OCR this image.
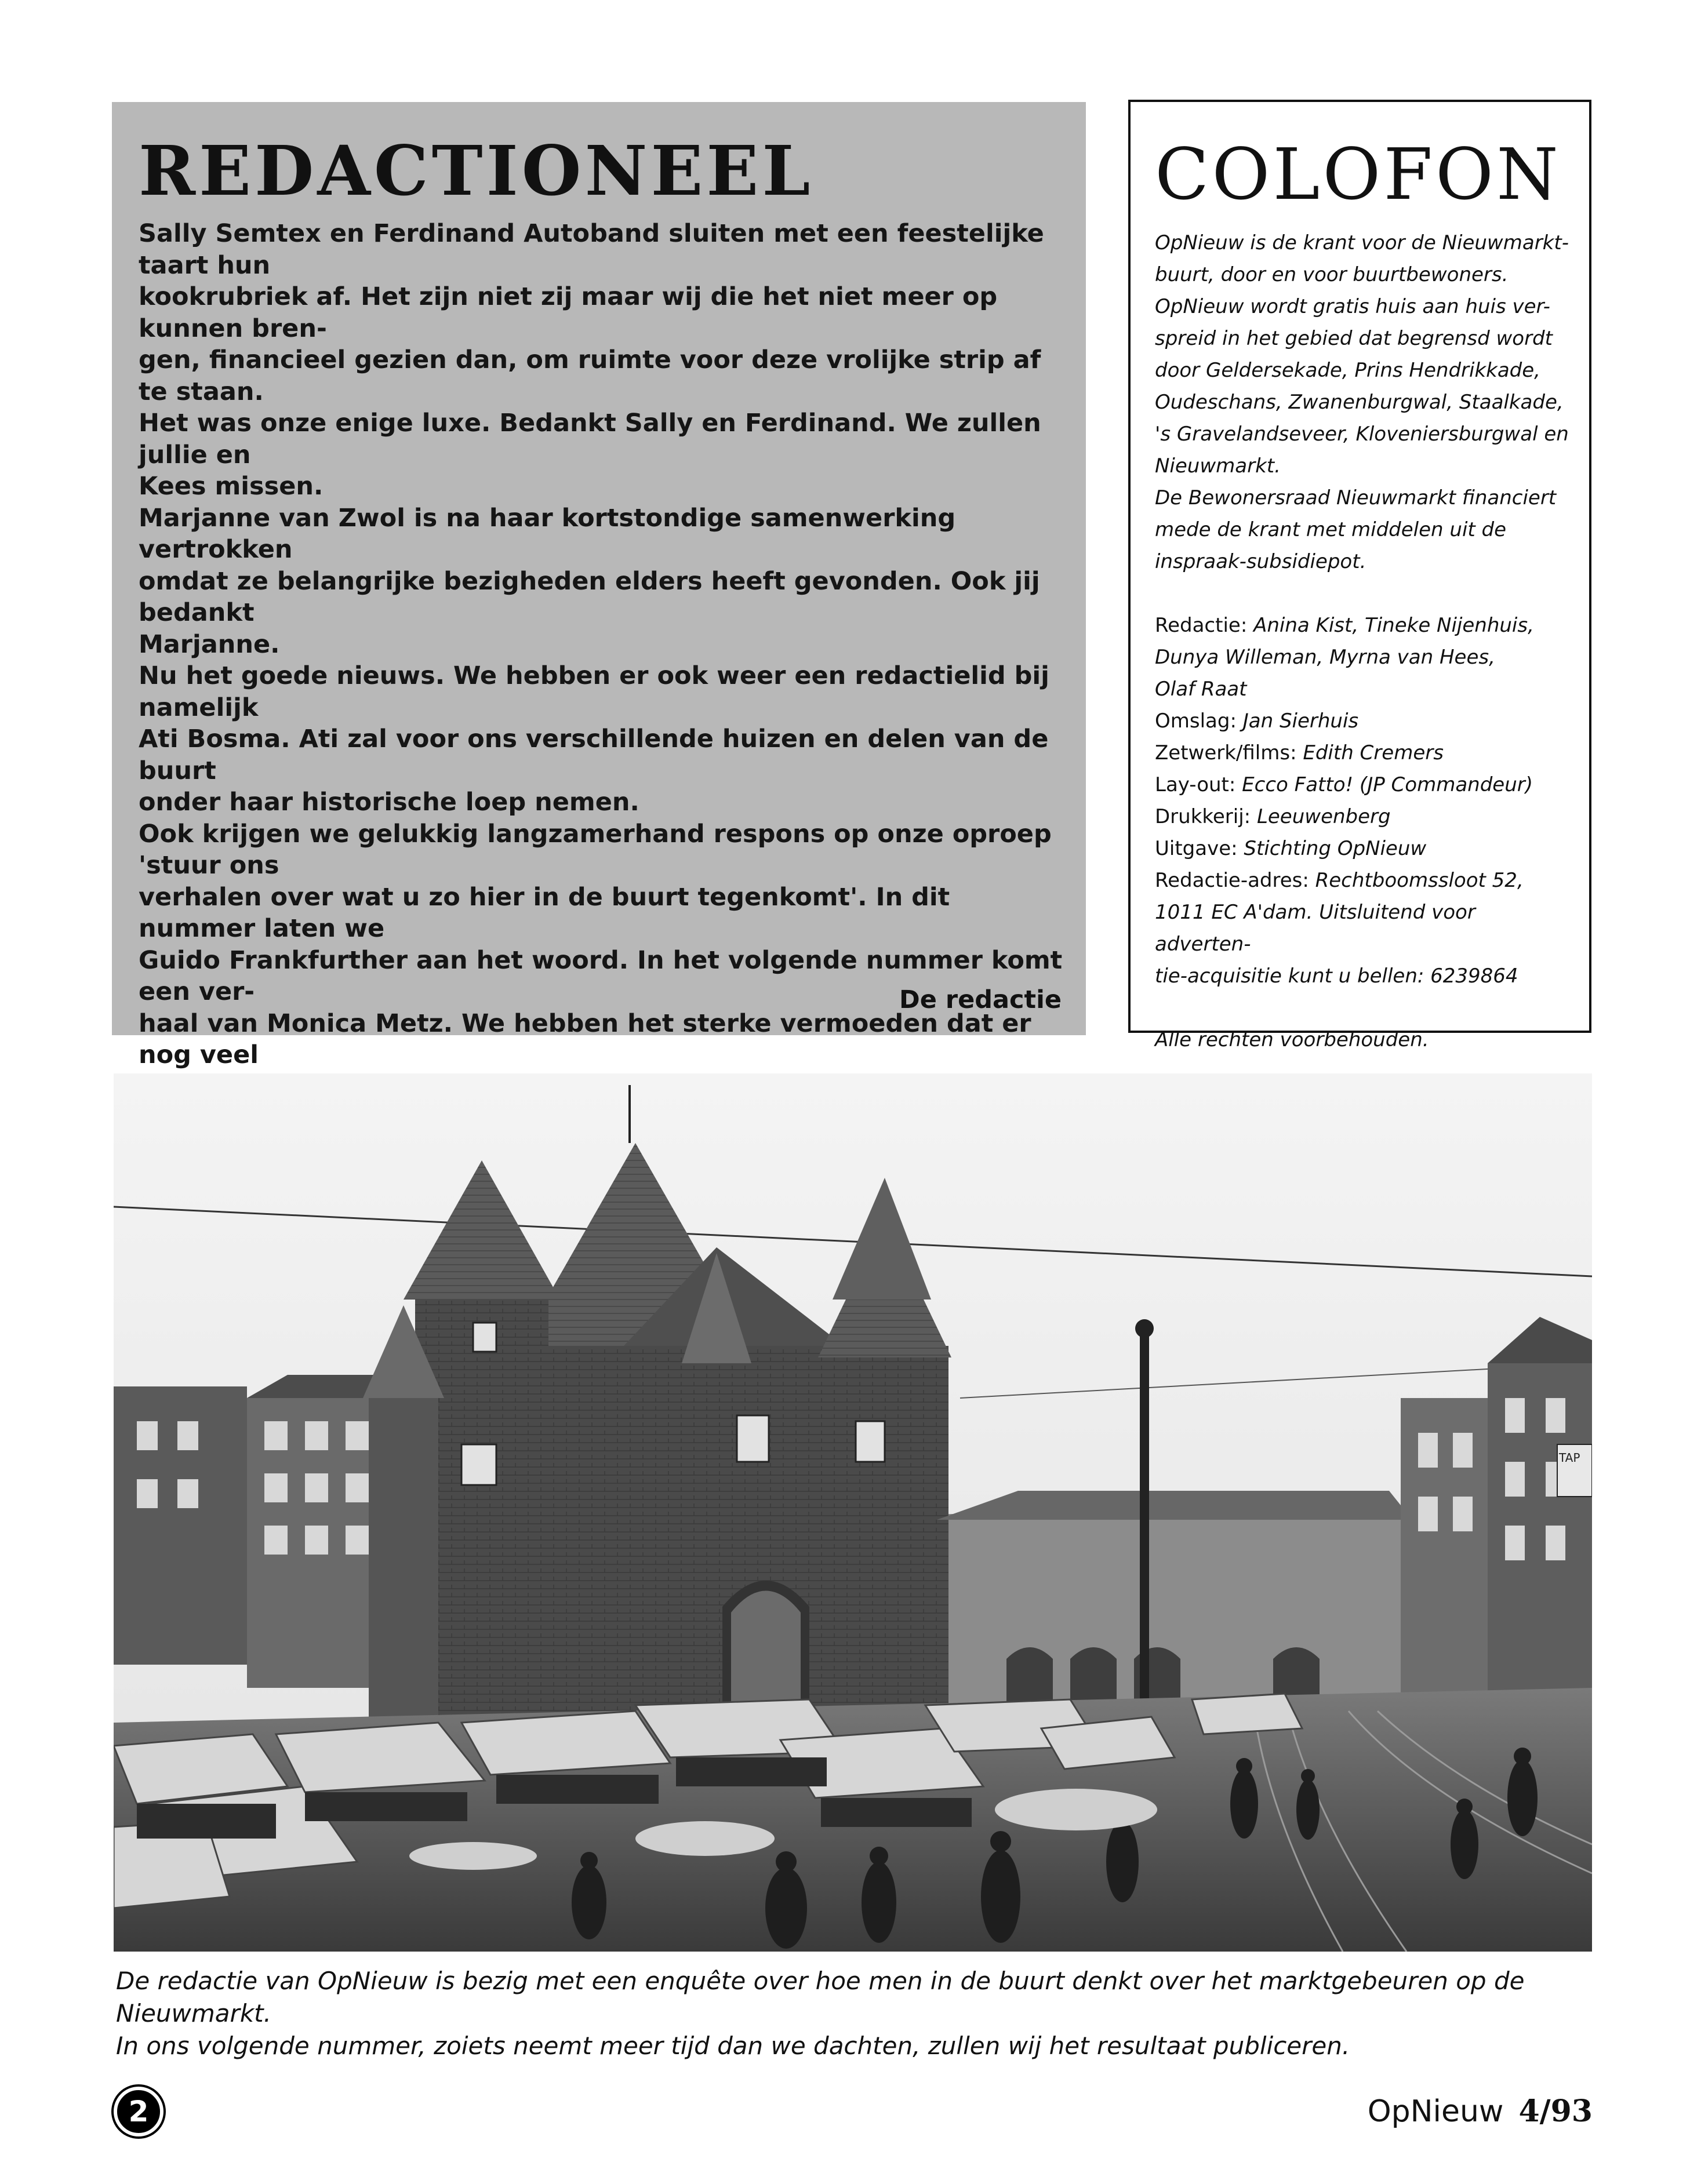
REDACTIONEEL

Sally Semtex en Ferdinand Autoband sluiten met een feestelijke taart hun

kookrubriek af. Het zijn niet zij maar wij die het niet meer op kunnen bren-

gen, financieel gezien dan, om ruimte voor deze vrolijke strip af te staan.

Het was onze enige luxe. Bedankt Sally en Ferdinand. We zullen jullie en

Kees missen.

Marjanne van Zwol is na haar kortstondige samenwerking vertrokken

omdat ze belangrijke bezigheden elders heeft gevonden. Ook jij bedankt

Marjanne.

Nu het goede nieuws. We hebben er ook weer een redactielid bij namelijk

Ati Bosma. Ati zal voor ons verschillende huizen en delen van de buurt

onder haar historische loep nemen.

Ook krijgen we gelukkig langzamerhand respons op onze oproep 'stuur ons

verhalen over wat u zo hier in de buurt tegenkomt'. In dit nummer laten we

Guido Frankfurther aan het woord. In het volgende nummer komt een ver-

haal van Monica Metz. We hebben het sterke vermoeden dat er nog veel

De redactie
COLOFON

OpNieuw is de krant voor de Nieuwmarkt-

buurt, door en voor buurtbewoners.

OpNieuw wordt gratis huis aan huis ver-

spreid in het gebied dat begrensd wordt

door Geldersekade, Prins Hendrikkade,

Oudeschans, Zwanenburgwal, Staalkade,

's Gravelandseveer, Kloveniersburgwal en

Nieuwmarkt.

De Bewonersraad Nieuwmarkt financiert

mede de krant met middelen uit de

inspraak-subsidiepot.

Redactie: Anina Kist, Tineke Nijenhuis,
Dunya Willeman, Myrna van Hees,
Olaf Raat
Omslag: Jan Sierhuis
Zetwerk/films: Edith Cremers
Lay-out: Ecco Fatto! (JP Commandeur)
Drukkerij: Leeuwenberg
Uitgave: Stichting OpNieuw
Redactie-adres: Rechtboomssloot 52,
1011 EC A'dam. Uitsluitend voor adverten-
tie-acquisitie kunt u bellen: 6239864
Alle rechten voorbehouden.
TAP
De redactie van OpNieuw is bezig met een enquête over hoe men in de buurt denkt over het marktgebeuren op de Nieuwmarkt.
In ons volgende nummer, zoiets neemt meer tijd dan we dachten, zullen wij het resultaat publiceren.
2	OpNieuw 4/93
